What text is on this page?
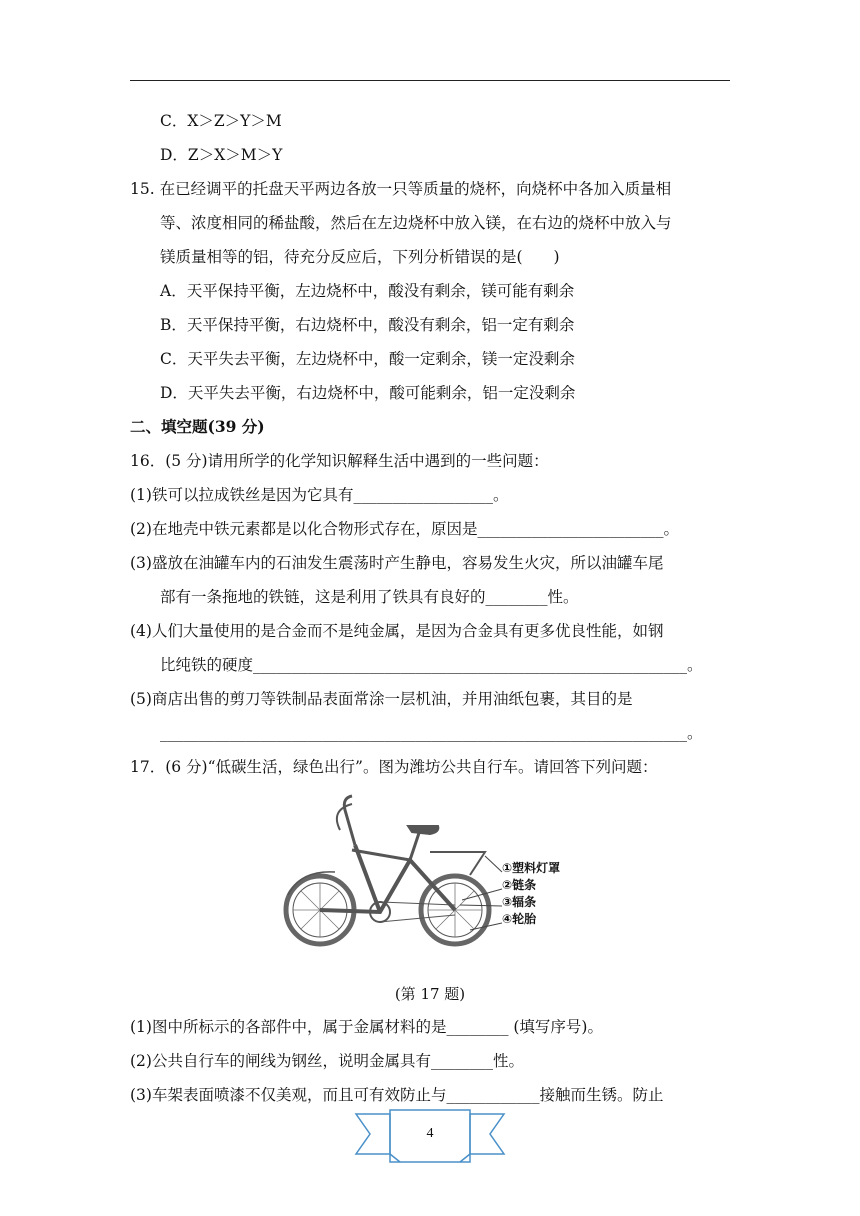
C．X＞Z＞Y＞M
D．Z＞X＞M＞Y
15. 在已经调平的托盘天平两边各放一只等质量的烧杯，向烧杯中各加入质量相
等、浓度相同的稀盐酸，然后在左边烧杯中放入镁，在右边的烧杯中放入与
镁质量相等的铝，待充分反应后，下列分析错误的是(　　)
A．天平保持平衡，左边烧杯中，酸没有剩余，镁可能有剩余
B．天平保持平衡，右边烧杯中，酸没有剩余，铝一定有剩余
C．天平失去平衡，左边烧杯中，酸一定剩余，镁一定没剩余
D．天平失去平衡，右边烧杯中，酸可能剩余，铝一定没剩余
二、填空题(39 分)
16．(5 分)请用所学的化学知识解释生活中遇到的一些问题：
(1)铁可以拉成铁丝是因为它具有__________________。
(2)在地壳中铁元素都是以化合物形式存在，原因是________________________。
(3)盛放在油罐车内的石油发生震荡时产生静电，容易发生火灾，所以油罐车尾
部有一条拖地的铁链，这是利用了铁具有良好的________性。
(4)人们大量使用的是合金而不是纯金属，是因为合金具有更多优良性能，如钢
比纯铁的硬度________________________________________________________。
(5)商店出售的剪刀等铁制品表面常涂一层机油，并用油纸包裹，其目的是
____________________________________________________________________。
17．(6 分)“低碳生活，绿色出行”。图为潍坊公共自行车。请回答下列问题：
①塑料灯罩
②链条
③辐条
④轮胎
(第 17 题)
(1)图中所标示的各部件中，属于金属材料的是________ (填写序号)。
(2)公共自行车的闸线为钢丝，说明金属具有________性。
(3)车架表面喷漆不仅美观，而且可有效防止与____________接触而生锈。防止
4
